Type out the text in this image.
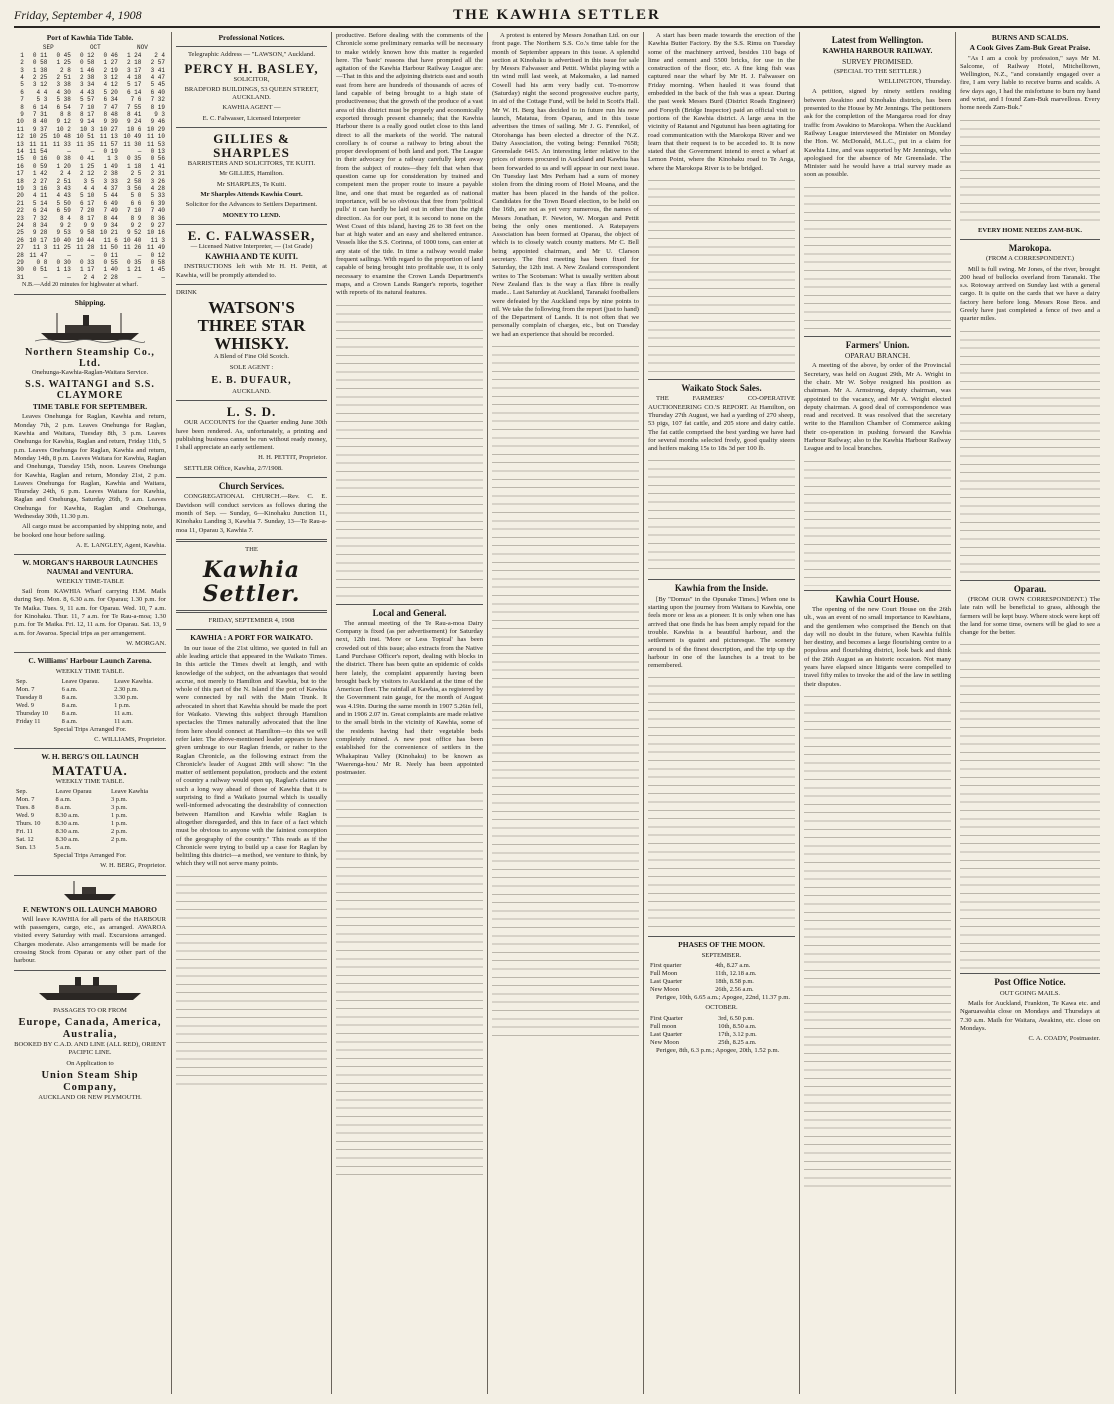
Friday, September 4, 1908	THE KAWHIA SETTLER
Port of Kawhia Tide Table.
	SEP		OCT		NOV	
1	0 11	0 45	0 12	0 46	1 24	2 4
2	0 58	1 25	0 58	1 27	2 18	2 57
3	1 38	2 8	1 46	2 19	3 17	3 41
4	2 25	2 51	2 38	3 12	4 18	4 47
5	3 12	3 38	3 34	4 12	5 17	5 45
6	4 4	4 30	4 43	5 20	6 14	6 40
7	5 3	5 38	5 57	6 34	7 6	7 32
8	6 14	6 54	7 10	7 47	7 55	8 19
9	7 31	8 8	8 17	8 48	8 41	9 3
10	8 40	9 12	9 14	9 39	9 24	9 46
11	9 37	10 2	10 3	10 27	10 6	10 29
12	10 25	10 48	10 51	11 13	10 49	11 10
13	11 11	11 33	11 35	11 57	11 30	11 53
14	11 54	—	—	0 19	—	0 13
15	0 16	0 38	0 41	1 3	0 35	0 56
16	0 59	1 20	1 25	1 49	1 18	1 41
17	1 42	2 4	2 12	2 38	2 5	2 31
18	2 27	2 51	3 5	3 33	2 58	3 26
19	3 16	3 43	4 4	4 37	3 56	4 28
20	4 11	4 43	5 10	5 44	5 0	5 33
21	5 14	5 50	6 17	6 49	6 6	6 39
22	6 24	6 59	7 20	7 49	7 10	7 40
23	7 32	8 4	8 17	8 44	8 9	8 36
24	8 34	9 2	9 9	9 34	9 2	9 27
25	9 28	9 53	9 58	10 21	9 52	10 16
26	10 17	10 40	10 44	11 6	10 40	11 3
27	11 3	11 25	11 28	11 50	11 26	11 49
28	11 47	—	—	0 11	—	0 12
29	0 8	0 30	0 33	0 55	0 35	0 58
30	0 51	1 13	1 17	1 40	1 21	1 45
31	—	—	2 4	2 28	—	—

N.B.—Add 20 minutes for highwater at wharf.

Shipping.
Northern Steamship Co., Ltd.

Onehunga-Kawhia-Raglan-Waitara Service.

S.S. WAITANGI and S.S. CLAYMORE
TIME TABLE FOR SEPTEMBER.

Leaves Onehunga for Raglan, Kawhia and return, Monday 7th, 2 p.m. Leaves Onehunga for Raglan, Kawhia and Waitara, Tuesday 8th, 3 p.m. Leaves Onehunga for Kawhia, Raglan and return, Friday 11th, 5 p.m. Leaves Onehunga for Raglan, Kawhia and return, Monday 14th, 8 p.m. Leaves Waitara for Kawhia, Raglan and Onehunga, Tuesday 15th, noon. Leaves Onehunga for Kawhia, Raglan and return, Monday 21st, 2 p.m. Leaves Onehunga for Raglan, Kawhia and Waitara, Thursday 24th, 6 p.m. Leaves Waitara for Kawhia, Raglan and Onehunga, Saturday 26th, 9 a.m. Leaves Onehunga for Kawhia, Raglan and Onehunga, Wednesday 30th, 11.30 p.m.

All cargo must be accompanied by shipping note, and be booked one hour before sailing.

A. E. LANGLEY, Agent, Kawhia.

W. MORGAN'S HARBOUR LAUNCHES NAUMAI and VENTURA.

WEEKLY TIME-TABLE

Sail from KAWHIA Wharf carrying H.M. Mails during Sep. Mon. 8, 6.30 a.m. for Oparau; 1.30 p.m. for Te Maika. Tues. 9, 11 a.m. for Oparau. Wed. 10, 7 a.m. for Kinohaku. Thur. 11, 7 a.m. for Te Rau-a-moa; 1.30 p.m. for Te Maika. Fri. 12, 11 a.m. for Oparau. Sat. 13, 9 a.m. for Awaroa. Special trips as per arrangement.

W. MORGAN.

C. Williams' Harbour Launch Zarena.

WEEKLY TIME TABLE.

Sep.	Leave Oparau.	Leave Kawhia.
Mon. 7	6 a.m.	2.30 p.m.
Tuesday 8	8 a.m.	3.30 p.m.
Wed. 9	8 a.m.	1 p.m.
Thursday 10	8 a.m.	11 a.m.
Friday 11	8 a.m.	11 a.m.

Special Trips Arranged For.

C. WILLIAMS, Proprietor.

W. H. BERG'S OIL LAUNCH
MATATUA.

WEEKLY TIME TABLE.

Sep.	Leave Oparau	Leave Kawhia
Mon. 7	8 a.m.	3 p.m.
Tues. 8	8 a.m.	3 p.m.
Wed. 9	8.30 a.m.	1 p.m.
Thurs. 10	8.30 a.m.	1 p.m.
Fri. 11	8.30 a.m.	2 p.m.
Sat. 12	8.30 a.m.	2 p.m.
Sun. 13	5 a.m.	

Special Trips Arranged For.

W. H. BERG, Proprietor.

F. NEWTON'S OIL LAUNCH MABORO

Will leave KAWHIA for all parts of the HARBOUR with passengers, cargo, etc., as arranged. AWAROA visited every Saturday with mail. Excursions arranged. Charges moderate. Also arrangements will be made for crossing Stock from Oparau or any other part of the harbour.

PASSAGES TO OR FROM

Europe, Canada, America, Australia,

BOOKED BY C.A.D. AND LINE (ALL RED), ORIENT PACIFIC LINE.

On Application to

Union Steam Ship Company,

AUCKLAND OR NEW PLYMOUTH.

Professional Notices.

Telegraphic Address — "LAWSON," Auckland.

PERCY H. BASLEY,

SOLICITOR,

BRADFORD BUILDINGS, 53 QUEEN STREET, AUCKLAND.

KAWHIA AGENT —

E. C. Falwasser, Licensed Interpreter

GILLIES & SHARPLES

BARRISTERS AND SOLICITORS, TE KUITI.

Mr GILLIES, Hamilton.

Mr SHARPLES, Te Kuiti.

Mr Sharples Attends Kawhia Court.

Solicitor for the Advances to Settlers Department.

MONEY TO LEND.

E. C. FALWASSER,

— Licensed Native Interpreter, — (1st Grade)

KAWHIA AND TE KUITI.

INSTRUCTIONS left with Mr H. H. Pettit, at Kawhia, will be promptly attended to.

DRINK

WATSON'S
THREE STAR
WHISKY.

A Blend of Fine Old Scotch.

SOLE AGENT :

E. B. DUFAUR,

AUCKLAND.

L. S. D.

OUR ACCOUNTS for the Quarter ending June 30th have been rendered. As, unfortunately, a printing and publishing business cannot be run without ready money, I shall appreciate an early settlement.

H. H. PETTIT, Proprietor.

SETTLER Office, Kawhia, 2/7/1908.

Church Services.

CONGREGATIONAL CHURCH.—Rev. C. E. Davidson will conduct services as follows during the month of Sep. — Sunday, 6—Kinohaku Junction 11, Kinohaku Landing 3, Kawhia 7. Sunday, 13—Te Rau-a-moa 11, Oparau 3, Kawhia 7.

THE

Kawhia Settler.

FRIDAY, SEPTEMBER 4, 1908

KAWHIA : A PORT FOR WAIKATO.

In our issue of the 21st ultimo, we quoted in full an able leading article that appeared in the Waikato Times. In this article the Times dwelt at length, and with knowledge of the subject, on the advantages that would accrue, not merely to Hamilton and Kawhia, but to the whole of this part of the N. Island if the port of Kawhia were connected by rail with the Main Trunk. It advocated in short that Kawhia should be made the port for Waikato. Viewing this subject through Hamilton spectacles the Times naturally advocated that the line from here should connect at Hamilton—to this we will refer later. The above-mentioned leader appears to have given umbrage to our Raglan friends, or rather to the Raglan Chronicle, as the following extract from the Chronicle's leader of August 28th will show: "In the matter of settlement population, products and the extent of country a railway would open up, Raglan's claims are such a long way ahead of those of Kawhia that it is surprising to find a Waikato journal which is usually well-informed advocating the desirability of connection between Hamilton and Kawhia while Raglan is altogether disregarded, and this in face of a fact which must be obvious to anyone with the faintest conception of the geography of the country." This reads as if the Chronicle were trying to build up a case for Raglan by belittling this district—a method, we venture to think, by which they will not serve many points.

productive. Before dealing with the comments of the Chronicle some preliminary remarks will be necessary to make widely known how this matter is regarded here. The 'basic' reasons that have prompted all the agitation of the Kawhia Harbour Railway League are:—That in this and the adjoining districts east and south east from here are hundreds of thousands of acres of land capable of being brought to a high state of productiveness; that the growth of the produce of a vast area of this district must be properly and economically exported through present channels; that the Kawhia Harbour there is a really good outlet close to this land direct to all the markets of the world. The natural corollary is of course a railway to bring about the proper development of both land and port. The League in their advocacy for a railway carefully kept away from the subject of routes—they felt that when that question came up for consideration by trained and competent men the proper route to insure a payable line, and one that must be regarded as of national importance, will be so obvious that free from 'political pulls' it can hardly be laid out in other than the right direction. As for our port, it is second to none on the West Coast of this island, having 26 to 38 feet on the bar at high water and an easy and sheltered entrance. Vessels like the S.S. Corinna, of 1000 tons, can enter at any state of the tide. In time a railway would make frequent sailings. With regard to the proportion of land capable of being brought into profitable use, it is only necessary to examine the Crown Lands Department's maps, and a Crown Lands Ranger's reports, together with reports of its natural features.

Local and General.

The annual meeting of the Te Rau-a-moa Dairy Company is fixed (as per advertisement) for Saturday next, 12th inst. 'More or Less Topical' has been crowded out of this issue; also extracts from the Native Land Purchase Officer's report, dealing with blocks in the district. There has been quite an epidemic of colds here lately, the complaint apparently having been brought back by visitors to Auckland at the time of the American fleet. The rainfall at Kawhia, as registered by the Government rain gauge, for the month of August was 4.19in. During the same month in 1907 5.26in fell, and in 1906 2.07 in. Great complaints are made relative to the small birds in the vicinity of Kawhia, some of the residents having had their vegetable beds completely ruined. A new post office has been established for the convenience of settlers in the Whakapirau Valley (Kinohaku) to be known as 'Waerenga-hou.' Mr R. Neely has been appointed postmaster.

A protest is entered by Messrs Jonathan Ltd. on our front page. The Northern S.S. Co.'s time table for the month of September appears in this issue. A splendid section at Kinohaku is advertised in this issue for sale by Messrs Falwasser and Pettit. Whilst playing with a tin wind mill last week, at Makomako, a lad named Cowell had his arm very badly cut. To-morrow (Saturday) night the second progressive euchre party, in aid of the Cottage Fund, will be held in Scott's Hall. Mr W. H. Berg has decided to in future run his new launch, Matatua, from Oparau, and in this issue advertises the times of sailing. Mr J. G. Fennikel, of Otorohanga has been elected a director of the N.Z. Dairy Association, the voting being: Fennikel 7658; Greenslade 6415. An interesting letter relative to the prices of stores procured in Auckland and Kawhia has been forwarded to us and will appear in our next issue. On Tuesday last Mrs Perham had a sum of money stolen from the dining room of Hotel Moana, and the matter has been placed in the hands of the police. Candidates for the Town Board election, to be held on the 16th, are not as yet very numerous, the names of Messrs Jonathan, F. Newton, W. Morgan and Pettit being the only ones mentioned. A Ratepayers Association has been formed at Oparau, the object of which is to closely watch county matters. Mr C. Bell being appointed chairman, and Mr U. Clarson secretary. The first meeting has been fixed for Saturday, the 12th inst. A New Zealand correspondent writes to The Scotsman: What is usually written about New Zealand flax is the way a flax fibre is really made... Last Saturday at Auckland, Taranaki footballers were defeated by the Auckland reps by nine points to nil. We take the following from the report (just to hand) of the Department of Lands. It is not often that we personally complain of charges, etc., but on Tuesday we had an experience that should be recorded.

A start has been made towards the erection of the Kawhia Butter Factory. By the S.S. Rimu on Tuesday some of the machinery arrived, besides 110 bags of lime and cement and 5500 bricks, for use in the construction of the floor, etc. A fine king fish was captured near the wharf by Mr H. J. Falwasser on Friday morning. When hauled it was found that embedded in the back of the fish was a spear. During the past week Messrs Burd (District Roads Engineer) and Forsyth (Bridge Inspector) paid an official visit to portions of the Kawhia district. A large area in the vicinity of Ratanui and Ngutunui has been agitating for road communication with the Marokopa River and we learn that their request is to be acceded to. It is now stated that the Government intend to erect a wharf at Lemon Point, where the Kinohaku road to Te Anga, where the Marokopa River is to be bridged.

Waikato Stock Sales.

THE FARMERS' CO-OPERATIVE AUCTIONEERING CO.'S REPORT. At Hamilton, on Thursday 27th August, we had a yarding of 270 sheep, 53 pigs, 107 fat cattle, and 205 store and dairy cattle. The fat cattle comprised the best yarding we have had for several months selected freely, good quality steers and heifers making 15s to 18s 3d per 100 lb.

Kawhia from the Inside.

[By "Domus" in the Opunake Times.] When one is starting upon the journey from Waitara to Kawhia, one feels more or less as a pioneer. It is only when one has arrived that one finds he has been amply repaid for the trouble. Kawhia is a beautiful harbour, and the settlement is quaint and picturesque. The scenery around is of the finest description, and the trip up the harbour in one of the launches is a treat to be remembered.

PHASES OF THE MOON.

SEPTEMBER.

First quarter	4th, 8.27 a.m.
Full Moon	11th, 12.18 a.m.
Last Quarter	18th, 8.58 p.m.
New Moon	26th, 2.56 a.m.

Perigee, 10th, 6.65 a.m.; Apogee, 22nd, 11.37 p.m.

OCTOBER.

First Quarter	3rd, 6.50 p.m.
Full moon	10th, 8.50 a.m.
Last Quarter	17th, 3.12 p.m.
New Moon	25th, 8.25 a.m.

Perigee, 8th, 6.3 p.m.; Apogee, 20th, 1.52 p.m.

Latest from Wellington.
KAWHIA HARBOUR RAILWAY.
SURVEY PROMISED.

(SPECIAL TO THE SETTLER.)

WELLINGTON, Thursday.

A petition, signed by ninety settlers residing between Awakino and Kinohaku districts, has been presented to the House by Mr Jennings. The petitioners ask for the completion of the Mangaroa road for dray traffic from Awakino to Marokopa. When the Auckland Railway League interviewed the Minister on Monday the Hon. W. McDonald, M.L.C., put in a claim for Kawhia Line, and was supported by Mr Jennings, who apologised for the absence of Mr Greenslade. The Minister said he would have a trial survey made as soon as possible.

Farmers' Union.
OPARAU BRANCH.

A meeting of the above, by order of the Provincial Secretary, was held on August 29th, Mr A. Wright in the chair. Mr W. Sobye resigned his position as chairman. Mr A. Armstrong, deputy chairman, was appointed to the vacancy, and Mr A. Wright elected deputy chairman. A good deal of correspondence was read and received. It was resolved that the secretary write to the Hamilton Chamber of Commerce asking their co-operation in pushing forward the Kawhia Harbour Railway; also to the Kawhia Harbour Railway League and to local branches.

Kawhia Court House.

The opening of the new Court House on the 26th ult., was an event of no small importance to Kawhians, and the gentlemen who comprised the Bench on that day will no doubt in the future, when Kawhia fulfils her destiny, and becomes a large flourishing centre to a populous and flourishing district, look back and think of the 26th August as an historic occasion. Not many years have elapsed since litigants were compelled to travel fifty miles to invoke the aid of the law in settling their disputes.

BURNS AND SCALDS.
A Cook Gives Zam-Buk Great Praise.

"As I am a cook by profession," says Mr M. Salcome, of Railway Hotel, Mitchelltown, Wellington, N.Z., "and constantly engaged over a fire, I am very liable to receive burns and scalds. A few days ago, I had the misfortune to burn my hand and wrist, and I found Zam-Buk marvellous. Every home needs Zam-Buk."

EVERY HOME NEEDS ZAM-BUK.

Marokopa.

(FROM A CORRESPONDENT.)

Mill is full swing. Mr Jones, of the river, brought 200 head of bullocks overland from Taranaki. The s.s. Rotoway arrived on Sunday last with a general cargo. It is quite on the cards that we have a dairy factory here before long. Messrs Rose Bros. and Greely have just completed a fence of two and a quarter miles.

Oparau.

(FROM OUR OWN CORRESPONDENT.) The late rain will be beneficial to grass, although the farmers will be kept busy. Where stock were kept off the land for some time, owners will be glad to see a change for the better.

Post Office Notice.

OUT GOING MAILS.

Mails for Auckland, Frankton, Te Kawa etc. and Ngaruawahia close on Mondays and Thursdays at 7.30 a.m. Mails for Waitara, Awakino, etc. close on Mondays.

C. A. COADY, Postmaster.
